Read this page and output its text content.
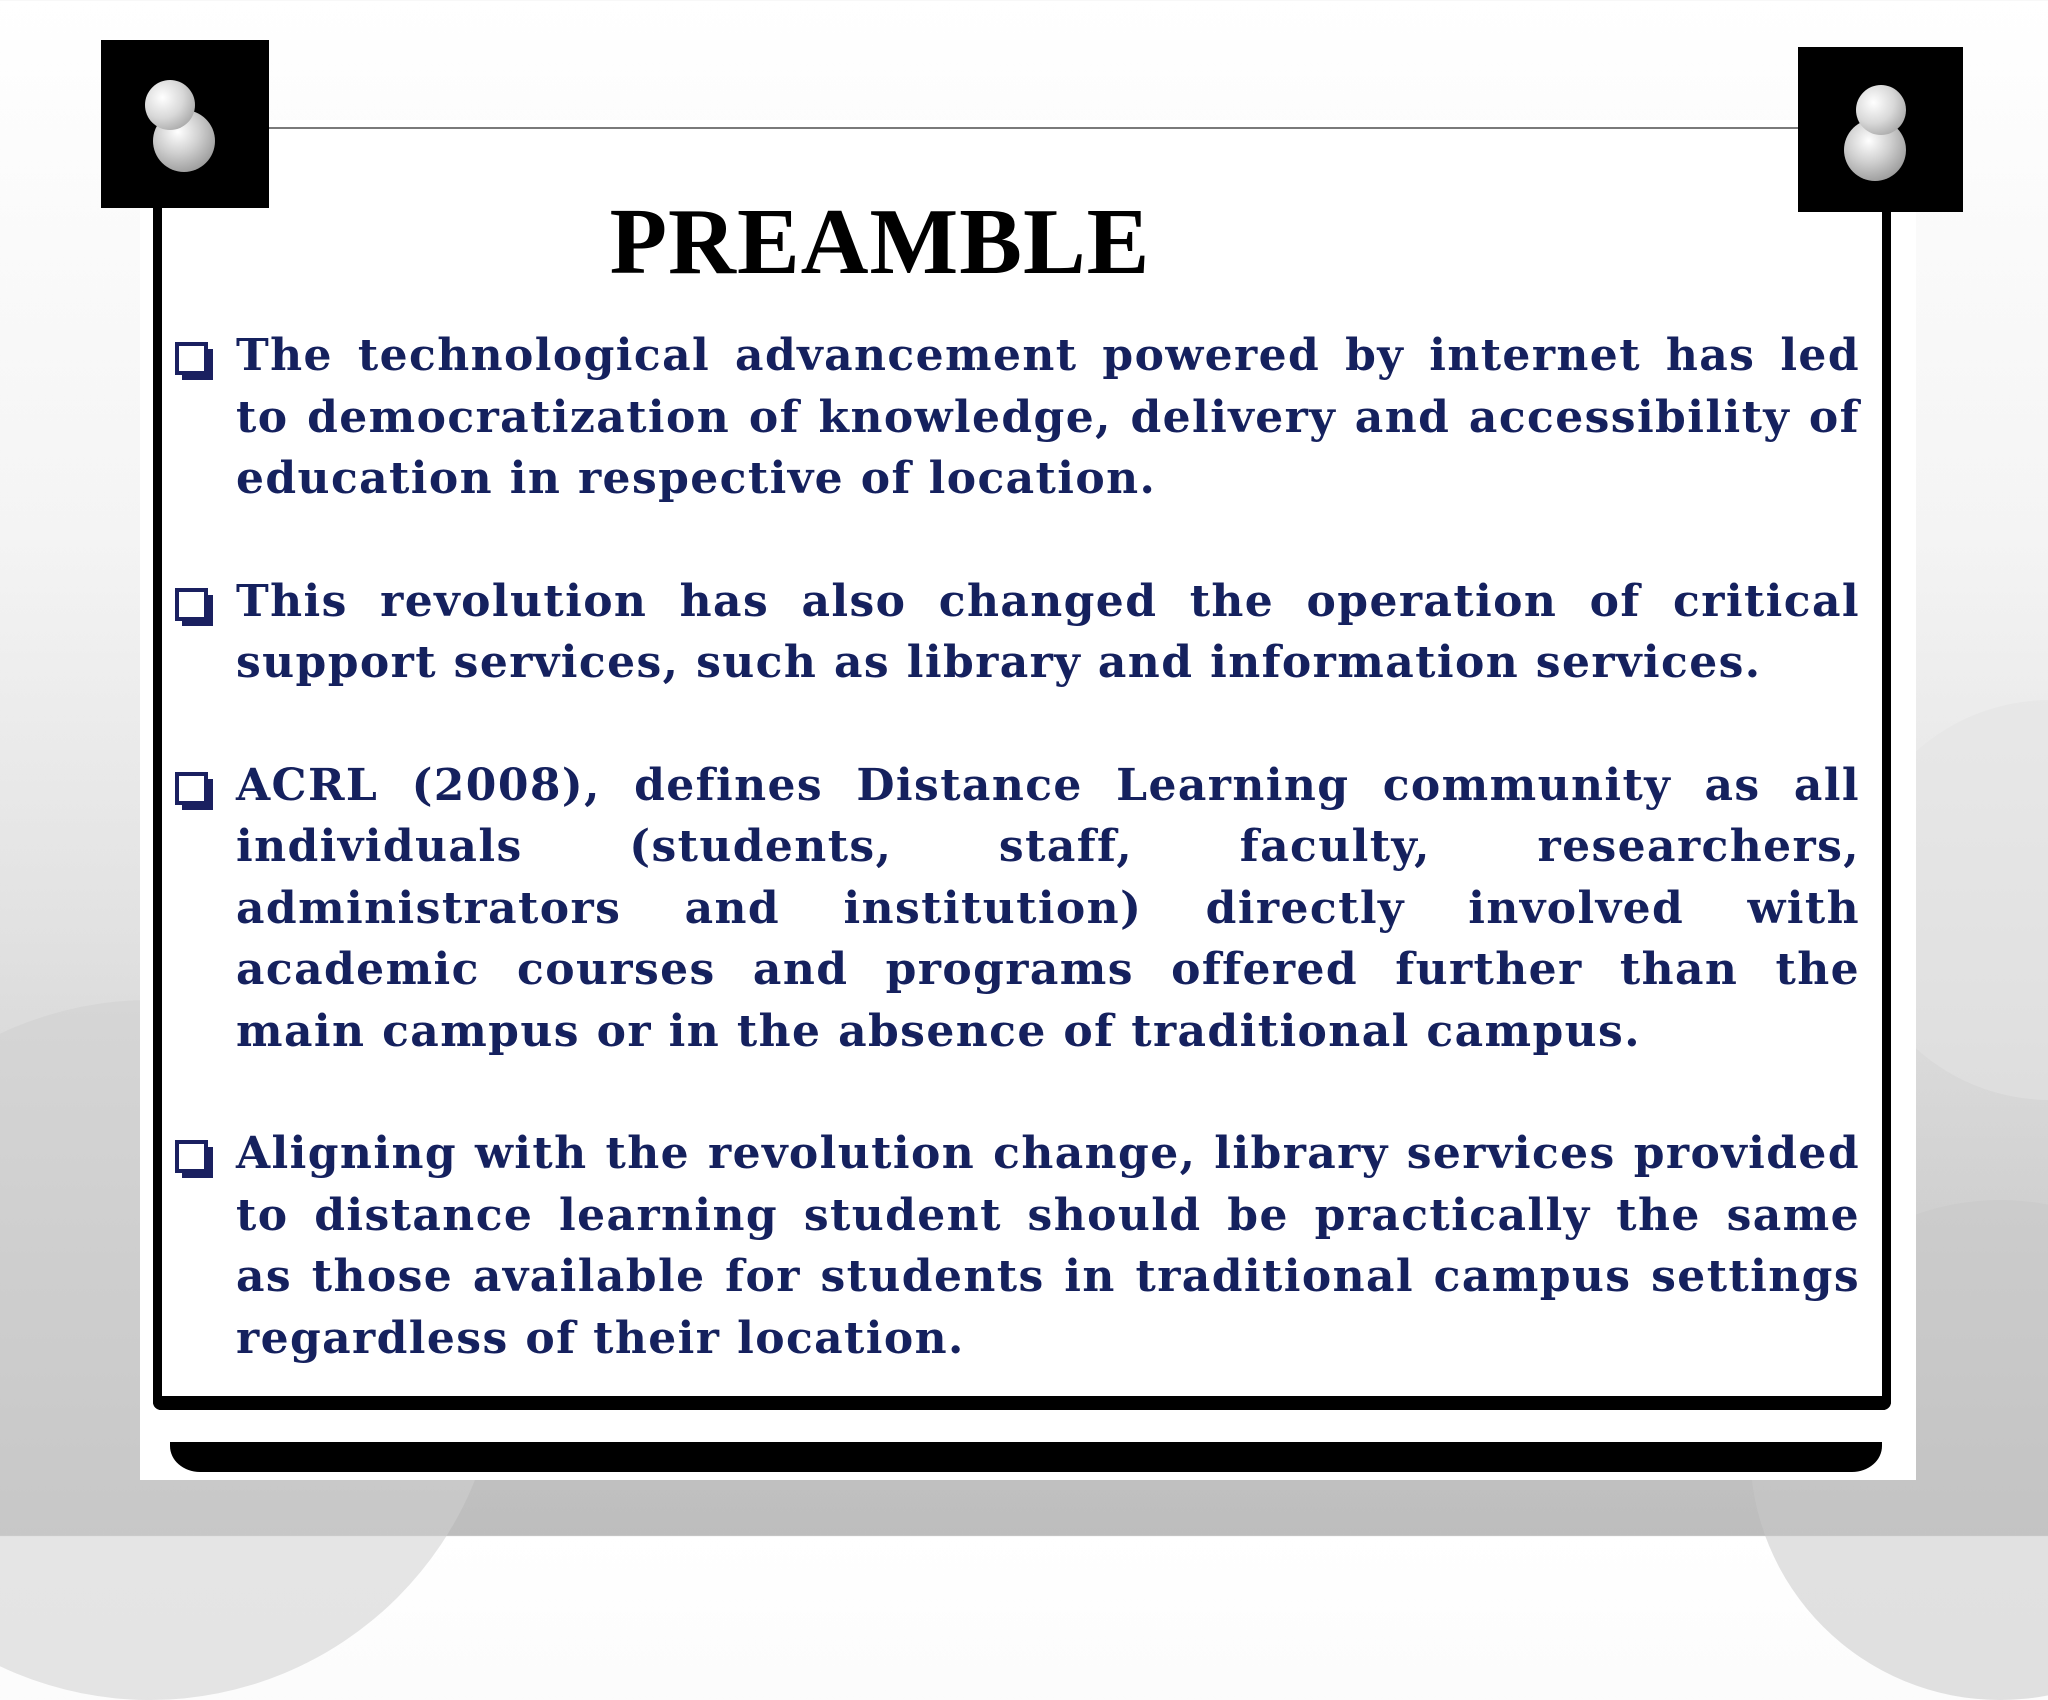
PREAMBLE
The technological advancement powered by internet has led to democratization of knowledge, delivery and accessibility of education in respective of location.
This revolution has also changed the operation of critical support services, such as library and information services.
ACRL (2008), defines Distance Learning community as all individuals (students, staff, faculty, researchers, administrators and institution) directly involved with academic courses and programs offered further than the main campus or in the absence of traditional campus.
Aligning with the revolution change, library services provided to distance learning student should be practically the same as those available for students in traditional campus settings regardless of their location.
